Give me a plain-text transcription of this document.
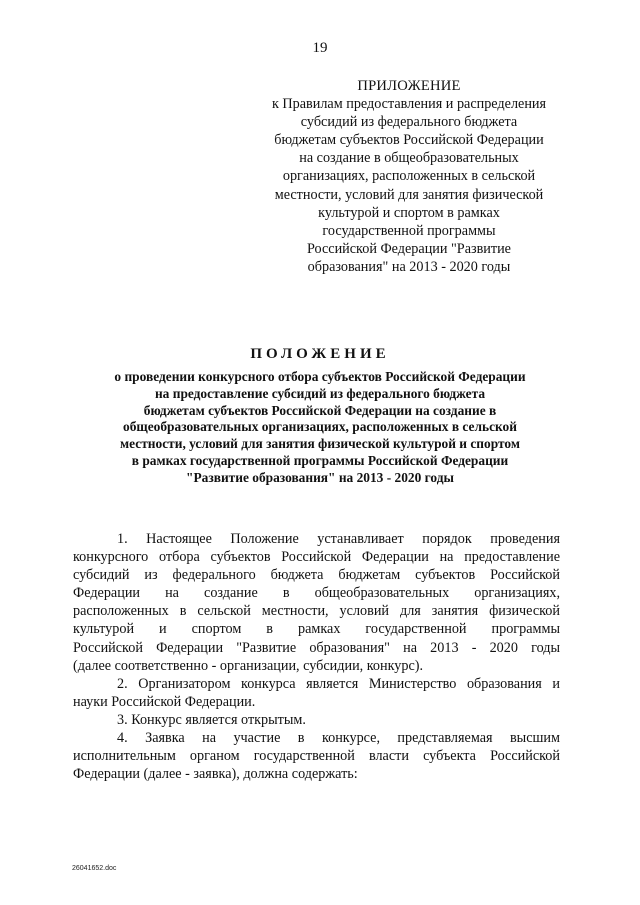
19
ПРИЛОЖЕНИЕ
к Правилам предоставления и распределения
субсидий из федерального бюджета
бюджетам субъектов Российской Федерации
на создание в общеобразовательных
организациях, расположенных в сельской
местности, условий для занятия физической
культурой и спортом в рамках
государственной программы
Российской Федерации "Развитие
образования" на 2013 - 2020 годы
ПОЛОЖЕНИЕ
о проведении конкурсного отбора субъектов Российской Федерации
на предоставление субсидий из федерального бюджета
бюджетам субъектов Российской Федерации на создание в
общеобразовательных организациях, расположенных в сельской
местности, условий для занятия физической культурой и спортом
в рамках государственной программы Российской Федерации
"Развитие образования" на 2013 - 2020 годы
1. Настоящее Положение устанавливает порядок проведения
конкурсного отбора субъектов Российской Федерации на предоставление
субсидий из федерального бюджета бюджетам субъектов Российской
Федерации на создание в общеобразовательных организациях,
расположенных в сельской местности, условий для занятия физической
культурой и спортом в рамках государственной программы
Российской Федерации "Развитие образования" на 2013 - 2020 годы
(далее соответственно - организации, субсидии, конкурс).
2. Организатором конкурса является Министерство образования и
науки Российской Федерации.
3. Конкурс является открытым.
4. Заявка на участие в конкурсе, представляемая высшим
исполнительным органом государственной власти субъекта Российской
Федерации (далее - заявка), должна содержать:
26041652.doc
